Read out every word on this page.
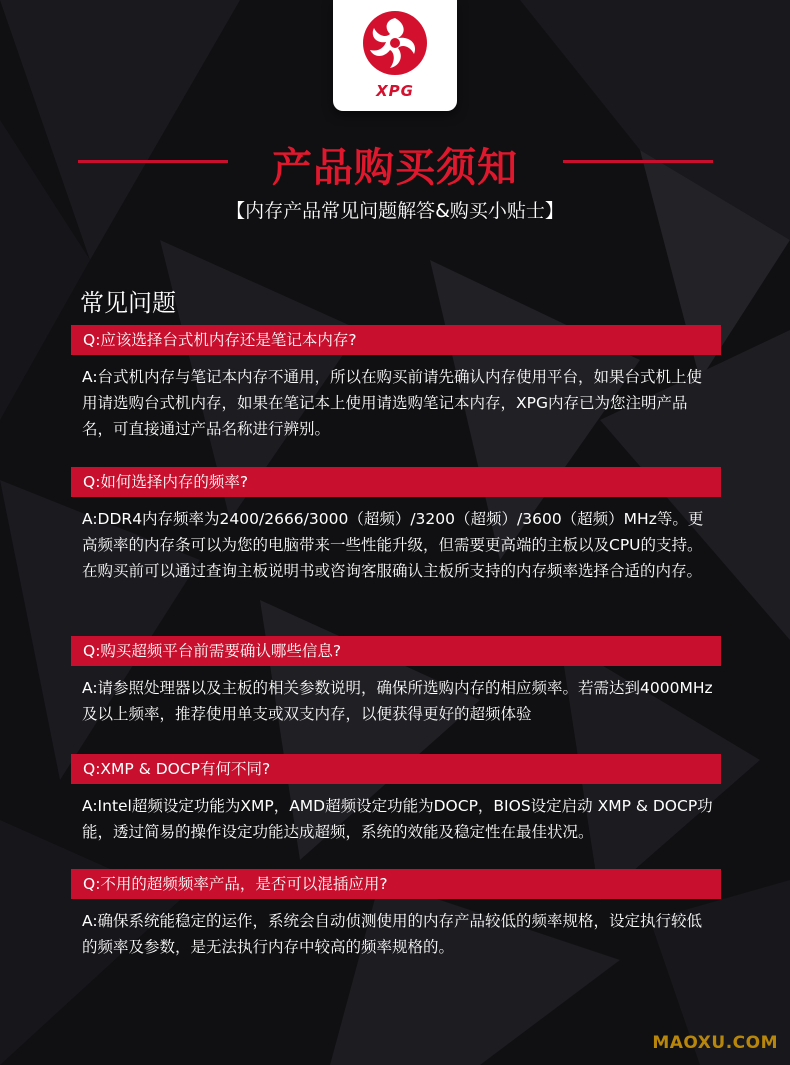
XPG
产品购买须知
【内存产品常见问题解答&购买小贴士】
常见问题
Q:应该选择台式机内存还是笔记本内存?
A:台式机内存与笔记本内存不通用，所以在购买前请先确认内存使用平台，如果台式机上使用请选购台式机内存，如果在笔记本上使用请选购笔记本内存，XPG内存已为您注明产品名，可直接通过产品名称进行辨别。
Q:如何选择内存的频率?
A:DDR4内存频率为2400/2666/3000（超频）/3200（超频）/3600（超频）MHz等。更高频率的内存条可以为您的电脑带来一些性能升级，但需要更高端的主板以及CPU的支持。在购买前可以通过查询主板说明书或咨询客服确认主板所支持的内存频率选择合适的内存。
Q:购买超频平台前需要确认哪些信息?
A:请参照处理器以及主板的相关参数说明，确保所选购内存的相应频率。若需达到4000MHz及以上频率，推荐使用单支或双支内存，以便获得更好的超频体验
Q:XMP & DOCP有何不同?
A:Intel超频设定功能为XMP，AMD超频设定功能为DOCP，BIOS设定启动 XMP & DOCP功能，透过简易的操作设定功能达成超频，系统的效能及稳定性在最佳状况。
Q:不用的超频频率产品，是否可以混插应用?
A:确保系统能稳定的运作，系统会自动侦测使用的内存产品较低的频率规格，设定执行较低的频率及参数，是无法执行内存中较高的频率规格的。
MAOXU.COM
